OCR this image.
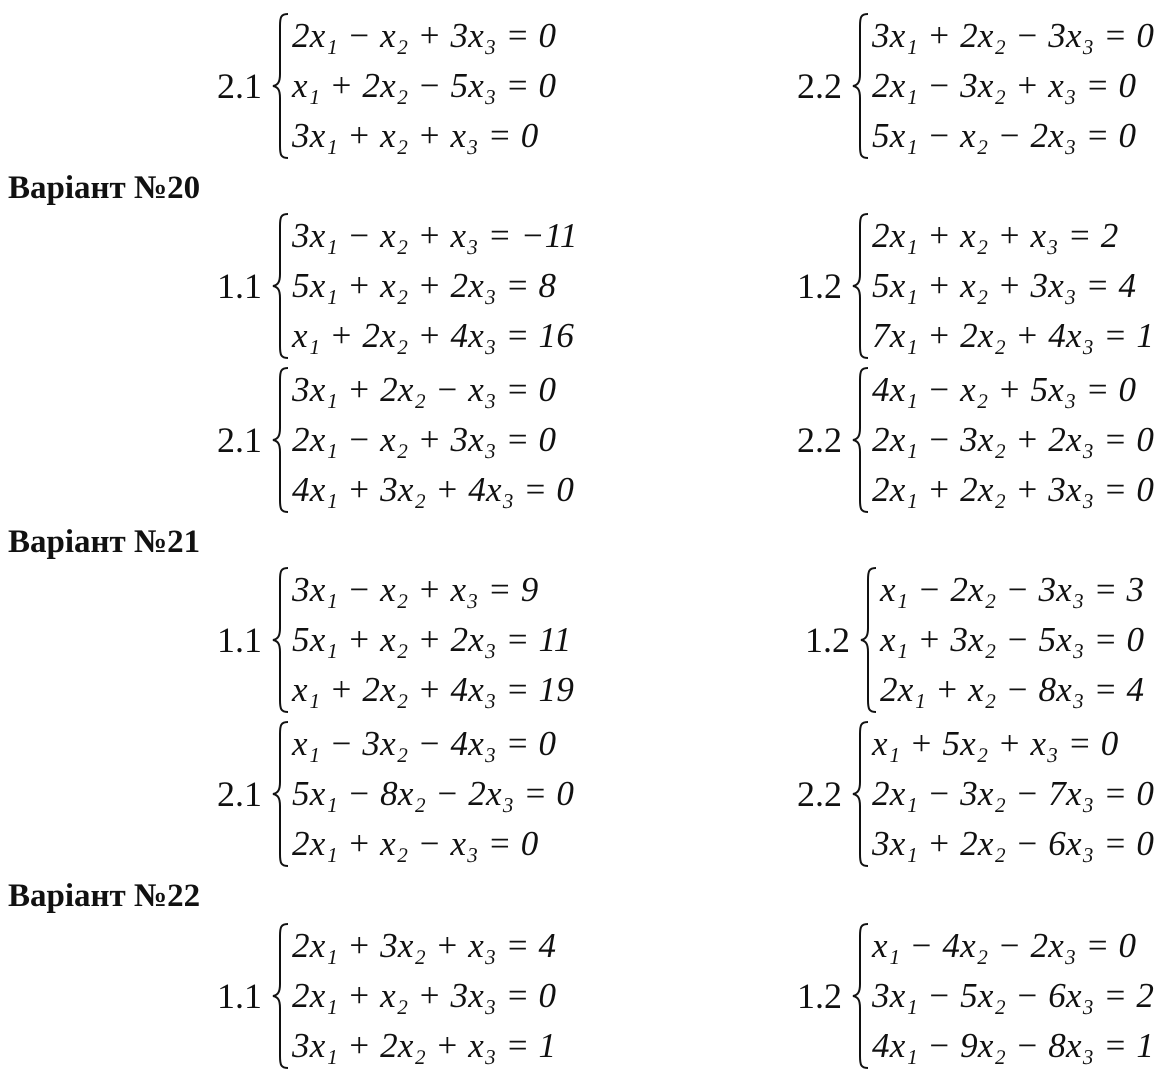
2.1
2x₁ − x₂ + 3x₃ = 0
x₁ + 2x₂ − 5x₃ = 0
3x₁ + x₂ + x₃ = 0
2.2
3x₁ + 2x₂ − 3x₃ = 0
2x₁ − 3x₂ + x₃ = 0
5x₁ − x₂ − 2x₃ = 0
Варіант №20
1.1
3x₁ − x₂ + x₃ = −11
5x₁ + x₂ + 2x₃ = 8
x₁ + 2x₂ + 4x₃ = 16
1.2
2x₁ + x₂ + x₃ = 2
5x₁ + x₂ + 3x₃ = 4
7x₁ + 2x₂ + 4x₃ = 1
2.1
3x₁ + 2x₂ − x₃ = 0
2x₁ − x₂ + 3x₃ = 0
4x₁ + 3x₂ + 4x₃ = 0
2.2
4x₁ − x₂ + 5x₃ = 0
2x₁ − 3x₂ + 2x₃ = 0
2x₁ + 2x₂ + 3x₃ = 0
Варіант №21
1.1
3x₁ − x₂ + x₃ = 9
5x₁ + x₂ + 2x₃ = 11
x₁ + 2x₂ + 4x₃ = 19
1.2
x₁ − 2x₂ − 3x₃ = 3
x₁ + 3x₂ − 5x₃ = 0
2x₁ + x₂ − 8x₃ = 4
2.1
x₁ − 3x₂ − 4x₃ = 0
5x₁ − 8x₂ − 2x₃ = 0
2x₁ + x₂ − x₃ = 0
2.2
x₁ + 5x₂ + x₃ = 0
2x₁ − 3x₂ − 7x₃ = 0
3x₁ + 2x₂ − 6x₃ = 0
Варіант №22
1.1
2x₁ + 3x₂ + x₃ = 4
2x₁ + x₂ + 3x₃ = 0
3x₁ + 2x₂ + x₃ = 1
1.2
x₁ − 4x₂ − 2x₃ = 0
3x₁ − 5x₂ − 6x₃ = 2
4x₁ − 9x₂ − 8x₃ = 1
